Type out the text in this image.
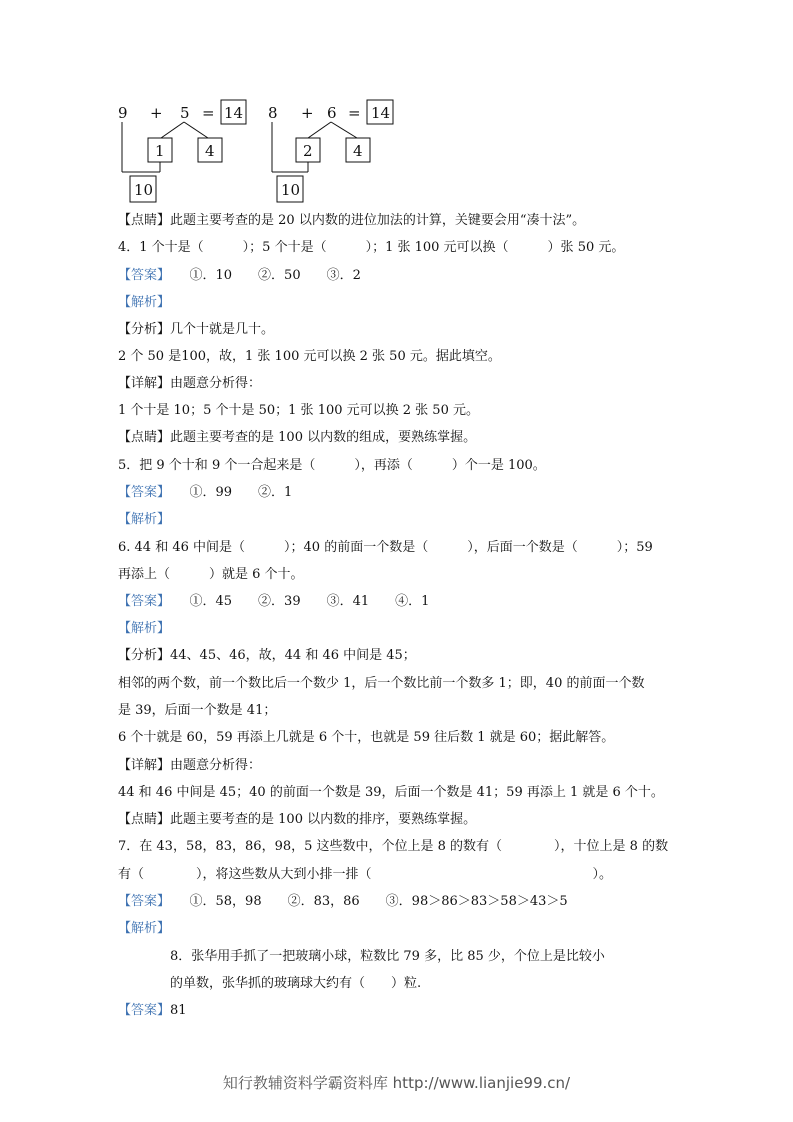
9 + 5 = 14
1	4
10
8 + 6 = 14
2	4
10
【点睛】此题主要考查的是 20 以内数的进位加法的计算，关键要会用“凑十法”。
4．1 个十是（　　　）；5 个十是（　　　）；1 张 100 元可以换（　　　）张 50 元。
【答案】　　①．10　　②．50　　③．2
【解析】
【分析】几个十就是几十。
2 个 50 是100，故，1 张 100 元可以换 2 张 50 元。据此填空。
【详解】由题意分析得：
1 个十是 10；5 个十是 50；1 张 100 元可以换 2 张 50 元。
【点睛】此题主要考查的是 100 以内数的组成，要熟练掌握。
5．把 9 个十和 9 个一合起来是（　　　），再添（　　　）个一是 100。
【答案】　　①．99　　②．1
【解析】
6. 44 和 46 中间是（　　　）；40 的前面一个数是（　　　），后面一个数是（　　　）；59
再添上（　　　）就是 6 个十。
【答案】　　①．45　　②．39　　③．41　　④．1
【解析】
【分析】44、45、46，故，44 和 46 中间是 45；
相邻的两个数，前一个数比后一个数少 1，后一个数比前一个数多 1；即，40 的前面一个数
是 39，后面一个数是 41；
6 个十就是 60，59 再添上几就是 6 个十，也就是 59 往后数 1 就是 60；据此解答。
【详解】由题意分析得：
44 和 46 中间是 45；40 的前面一个数是 39，后面一个数是 41；59 再添上 1 就是 6 个十。
【点睛】此题主要考查的是 100 以内数的排序，要熟练掌握。
7．在 43，58，83，86，98，5 这些数中，个位上是 8 的数有（　　　　），十位上是 8 的数
有（　　　　），将这些数从大到小排一排（　　　　　　　　　　　　　　　　　）。
【答案】　　①．58，98　　②．83，86　　③．98＞86＞83＞58＞43＞5
【解析】
　　　　8．张华用手抓了一把玻璃小球，粒数比 79 多，比 85 少，个位上是比较小
　　　　的单数，张华抓的玻璃球大约有（　　）粒.
【答案】81
知行教辅资料学霸资料库 http://www.lianjie99.cn/
